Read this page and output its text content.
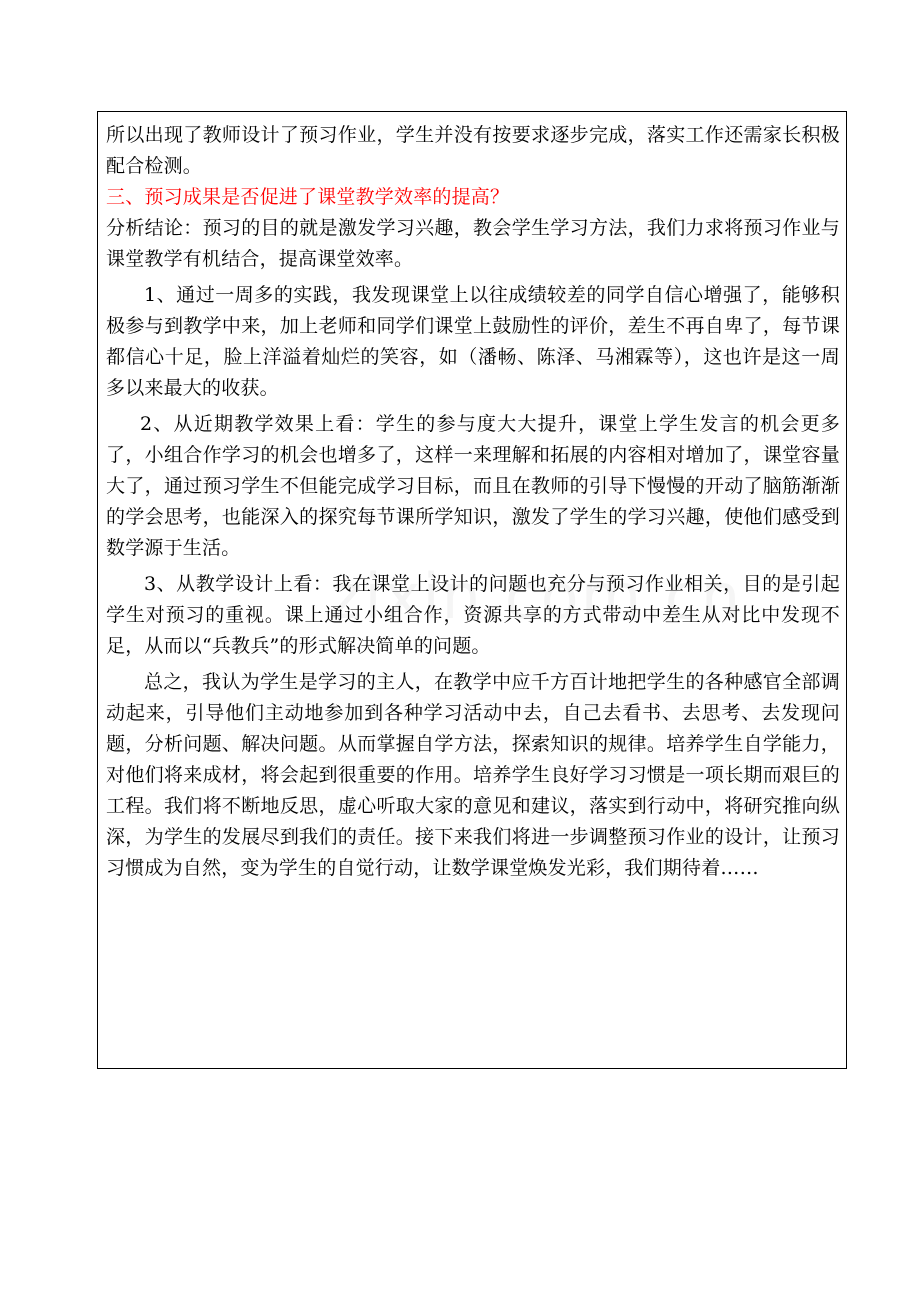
所以出现了教师设计了预习作业，学生并没有按要求逐步完成，落实工作还需家长积极配合检测。

三、预习成果是否促进了课堂教学效率的提高？

分析结论：预习的目的就是激发学习兴趣，教会学生学习方法，我们力求将预习作业与课堂教学有机结合，提高课堂效率。

1、通过一周多的实践，我发现课堂上以往成绩较差的同学自信心增强了，能够积极参与到教学中来，加上老师和同学们课堂上鼓励性的评价，差生不再自卑了，每节课都信心十足，脸上洋溢着灿烂的笑容，如（潘畅、陈泽、马湘霖等），这也许是这一周多以来最大的收获。

2、从近期教学效果上看：学生的参与度大大提升，课堂上学生发言的机会更多了，小组合作学习的机会也增多了，这样一来理解和拓展的内容相对增加了，课堂容量大了，通过预习学生不但能完成学习目标，而且在教师的引导下慢慢的开动了脑筋渐渐的学会思考，也能深入的探究每节课所学知识，激发了学生的学习兴趣，使他们感受到数学源于生活。

3、从教学设计上看：我在课堂上设计的问题也充分与预习作业相关，目的是引起学生对预习的重视。课上通过小组合作，资源共享的方式带动中差生从对比中发现不足，从而以“兵教兵”的形式解决简单的问题。

总之，我认为学生是学习的主人，在教学中应千方百计地把学生的各种感官全部调动起来，引导他们主动地参加到各种学习活动中去，自己去看书、去思考、去发现问题，分析问题、解决问题。从而掌握自学方法，探索知识的规律。培养学生自学能力，对他们将来成材，将会起到很重要的作用。培养学生良好学习习惯是一项长期而艰巨的工程。我们将不断地反思，虚心听取大家的意见和建议，落实到行动中，将研究推向纵深，为学生的发展尽到我们的责任。接下来我们将进一步调整预习作业的设计，让预习习惯成为自然，变为学生的自觉行动，让数学课堂焕发光彩，我们期待着……
